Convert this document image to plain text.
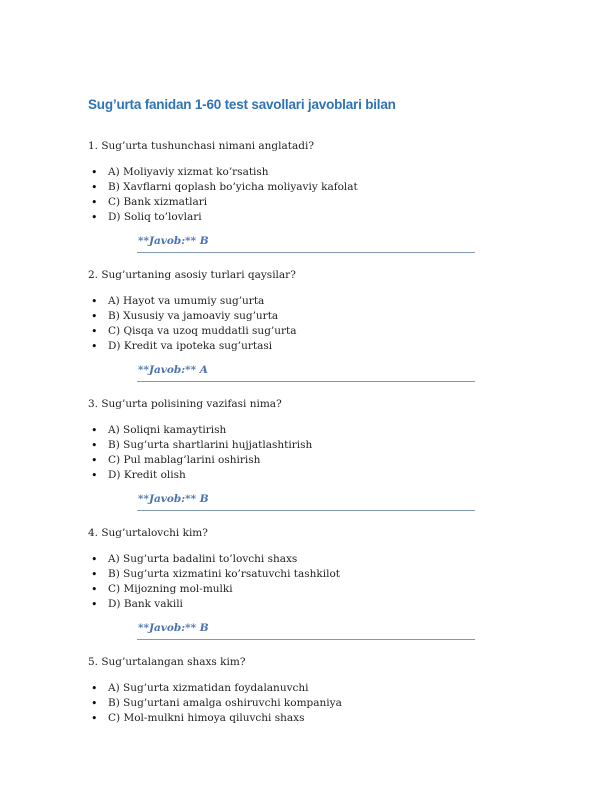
Sug’urta fanidan 1-60 test savollari javoblari bilan

1. Sug’urta tushunchasi nimani anglatadi?

• A) Moliyaviy xizmat ko’rsatish
• B) Xavflarni qoplash bo’yicha moliyaviy kafolat
• C) Bank xizmatlari
• D) Soliq to’lovlari
**Javob:** B

2. Sug’urtaning asosiy turlari qaysilar?

• A) Hayot va umumiy sug’urta
• B) Xususiy va jamoaviy sug’urta
• C) Qisqa va uzoq muddatli sug’urta
• D) Kredit va ipoteka sug’urtasi
**Javob:** A

3. Sug’urta polisining vazifasi nima?

• A) Soliqni kamaytirish
• B) Sug’urta shartlarini hujjatlashtirish
• C) Pul mablag’larini oshirish
• D) Kredit olish
**Javob:** B

4. Sug’urtalovchi kim?

• A) Sug’urta badalini to’lovchi shaxs
• B) Sug’urta xizmatini ko’rsatuvchi tashkilot
• C) Mijozning mol-mulki
• D) Bank vakili
**Javob:** B

5. Sug’urtalangan shaxs kim?

• A) Sug’urta xizmatidan foydalanuvchi
• B) Sug’urtani amalga oshiruvchi kompaniya
• C) Mol-mulkni himoya qiluvchi shaxs
